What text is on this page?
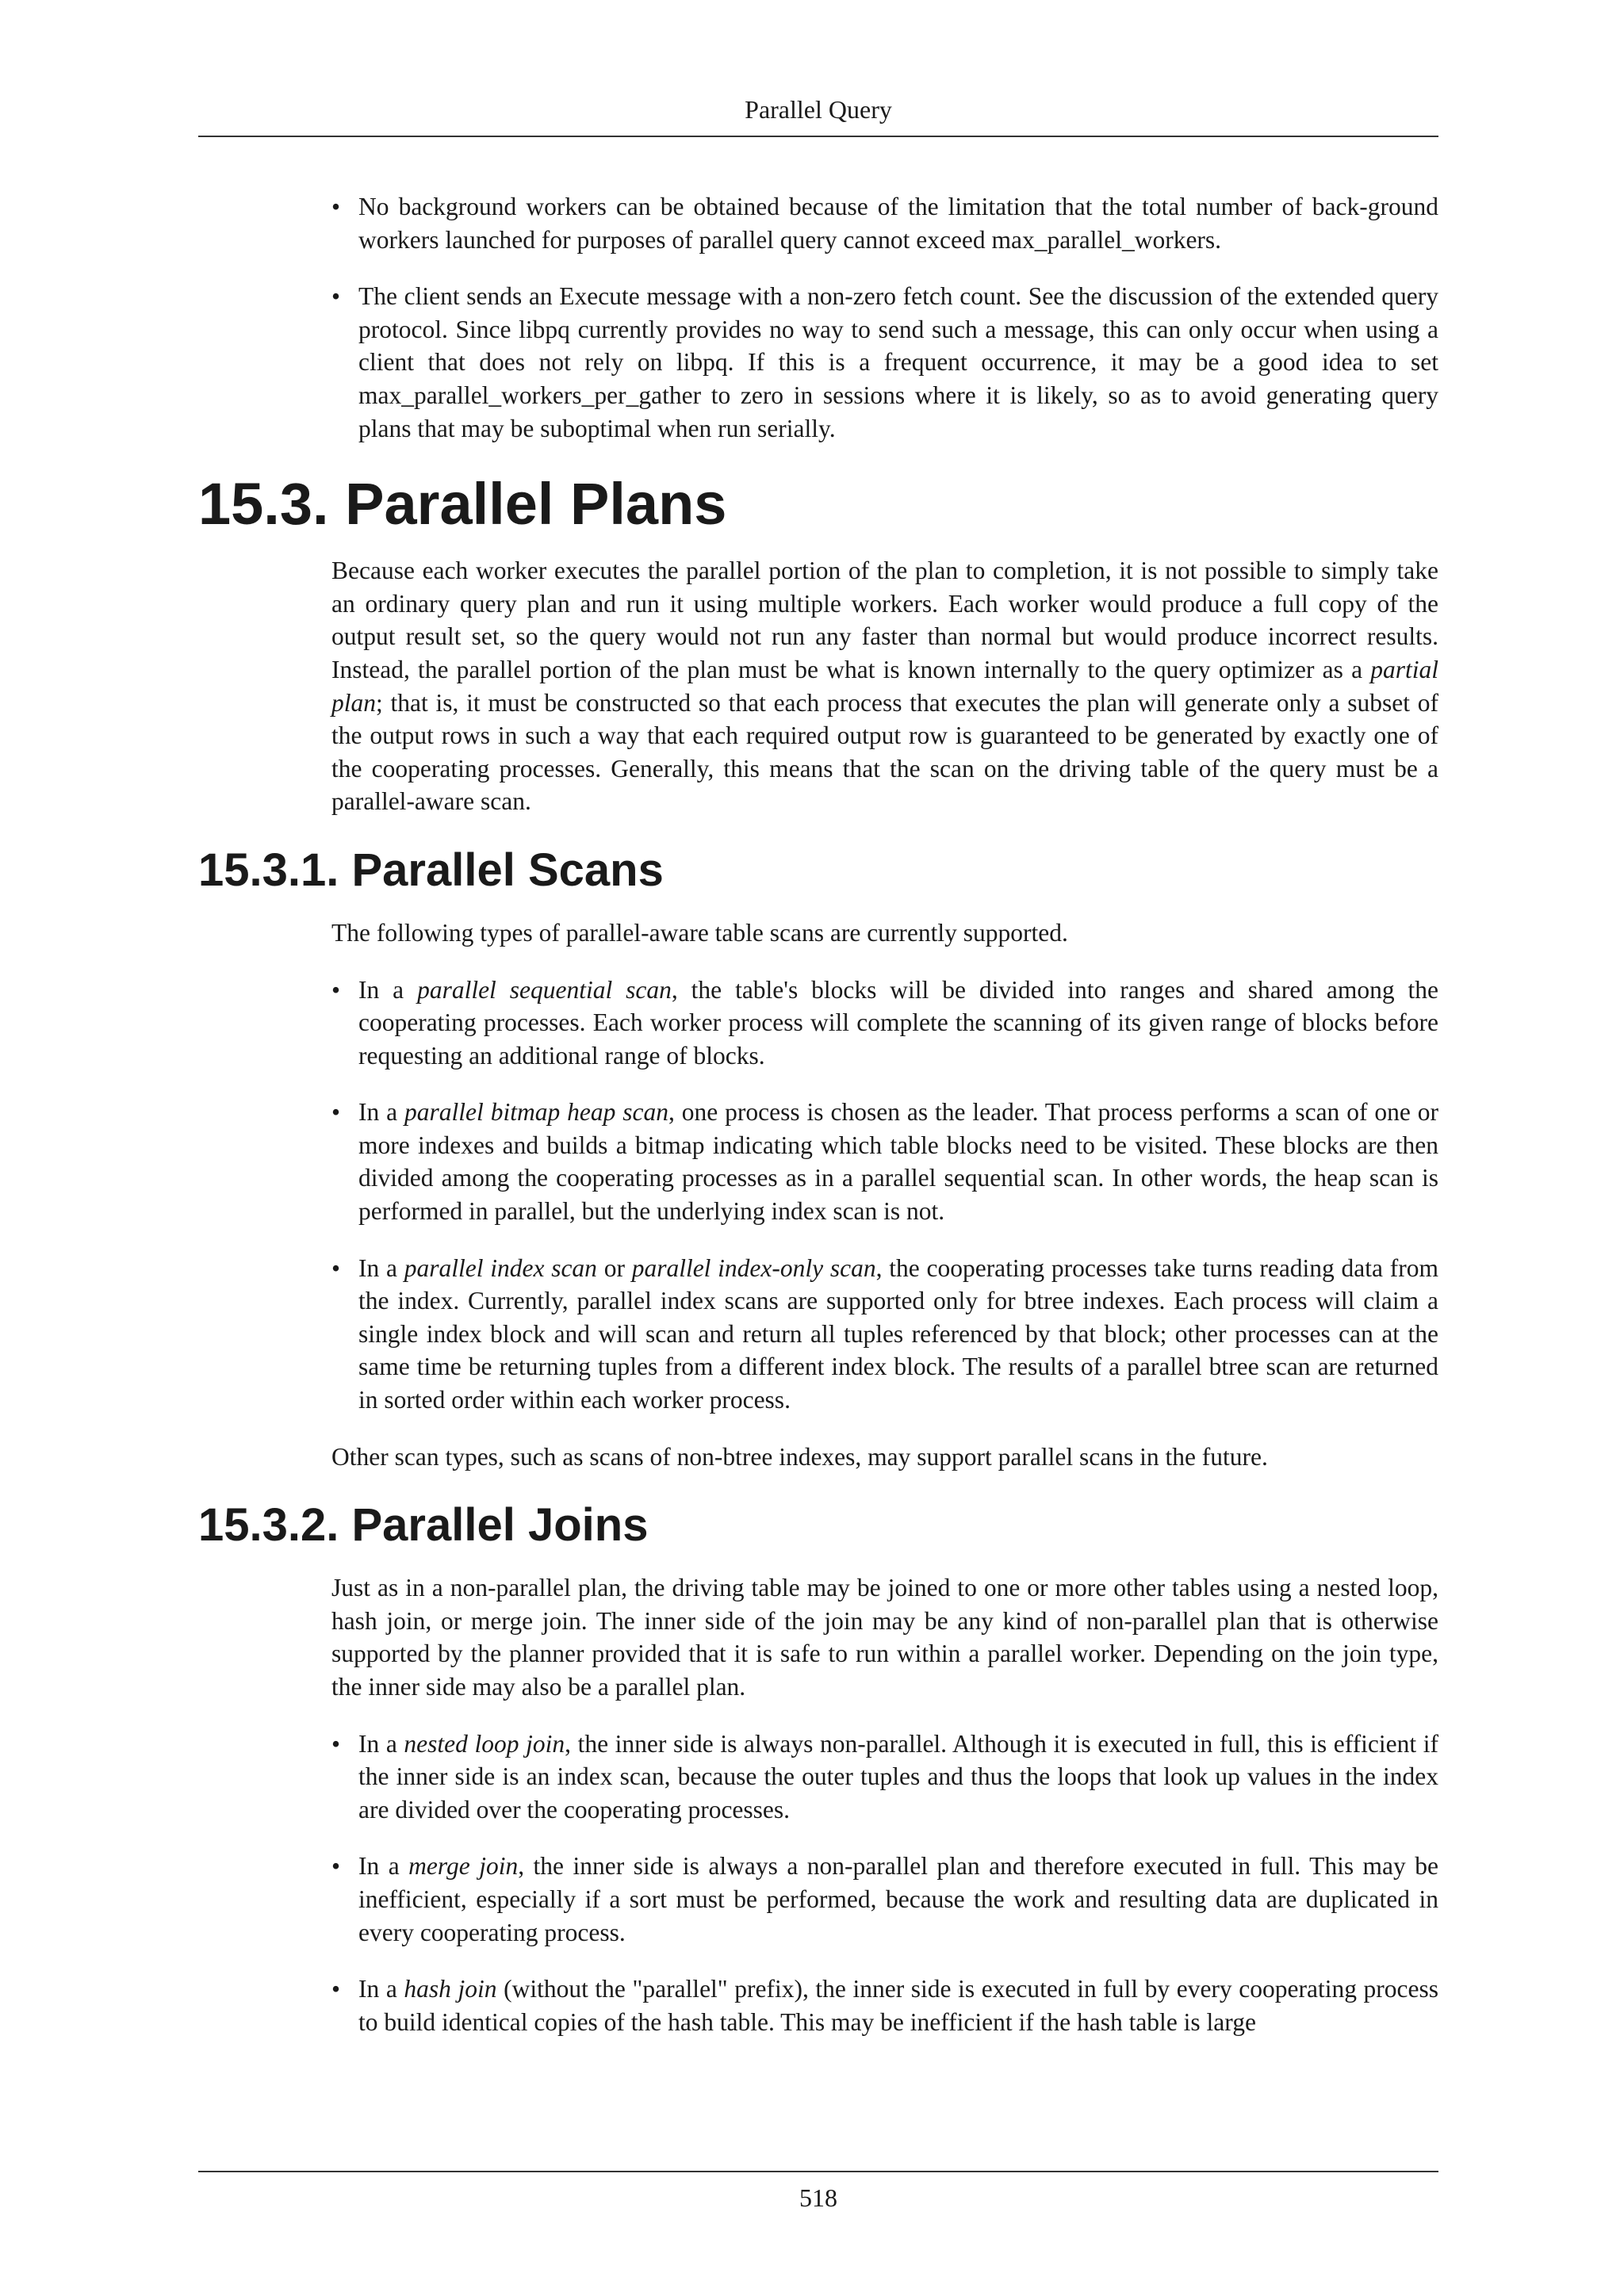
Parallel Query
• No background workers can be obtained because of the limitation that the total number of back-ground workers launched for purposes of parallel query cannot exceed max_parallel_workers.
• The client sends an Execute message with a non-zero fetch count. See the discussion of the extended query protocol. Since libpq currently provides no way to send such a message, this can only occur when using a client that does not rely on libpq. If this is a frequent occurrence, it may be a good idea to set max_parallel_workers_per_gather to zero in sessions where it is likely, so as to avoid generating query plans that may be suboptimal when run serially.
15.3. Parallel Plans

Because each worker executes the parallel portion of the plan to completion, it is not possible to simply take an ordinary query plan and run it using multiple workers. Each worker would produce a full copy of the output result set, so the query would not run any faster than normal but would produce incorrect results. Instead, the parallel portion of the plan must be what is known internally to the query optimizer as a partial plan; that is, it must be constructed so that each process that executes the plan will generate only a subset of the output rows in such a way that each required output row is guaranteed to be generated by exactly one of the cooperating processes. Generally, this means that the scan on the driving table of the query must be a parallel-aware scan.

15.3.1. Parallel Scans

The following types of parallel-aware table scans are currently supported.

• In a parallel sequential scan, the table's blocks will be divided into ranges and shared among the cooperating processes. Each worker process will complete the scanning of its given range of blocks before requesting an additional range of blocks.
• In a parallel bitmap heap scan, one process is chosen as the leader. That process performs a scan of one or more indexes and builds a bitmap indicating which table blocks need to be visited. These blocks are then divided among the cooperating processes as in a parallel sequential scan. In other words, the heap scan is performed in parallel, but the underlying index scan is not.
• In a parallel index scan or parallel index-only scan, the cooperating processes take turns reading data from the index. Currently, parallel index scans are supported only for btree indexes. Each process will claim a single index block and will scan and return all tuples referenced by that block; other processes can at the same time be returning tuples from a different index block. The results of a parallel btree scan are returned in sorted order within each worker process.

Other scan types, such as scans of non-btree indexes, may support parallel scans in the future.

15.3.2. Parallel Joins

Just as in a non-parallel plan, the driving table may be joined to one or more other tables using a nested loop, hash join, or merge join. The inner side of the join may be any kind of non-parallel plan that is otherwise supported by the planner provided that it is safe to run within a parallel worker. Depending on the join type, the inner side may also be a parallel plan.

• In a nested loop join, the inner side is always non-parallel. Although it is executed in full, this is efficient if the inner side is an index scan, because the outer tuples and thus the loops that look up values in the index are divided over the cooperating processes.
• In a merge join, the inner side is always a non-parallel plan and therefore executed in full. This may be inefficient, especially if a sort must be performed, because the work and resulting data are duplicated in every cooperating process.
• In a hash join (without the "parallel" prefix), the inner side is executed in full by every cooperating process to build identical copies of the hash table. This may be inefficient if the hash table is large
518
